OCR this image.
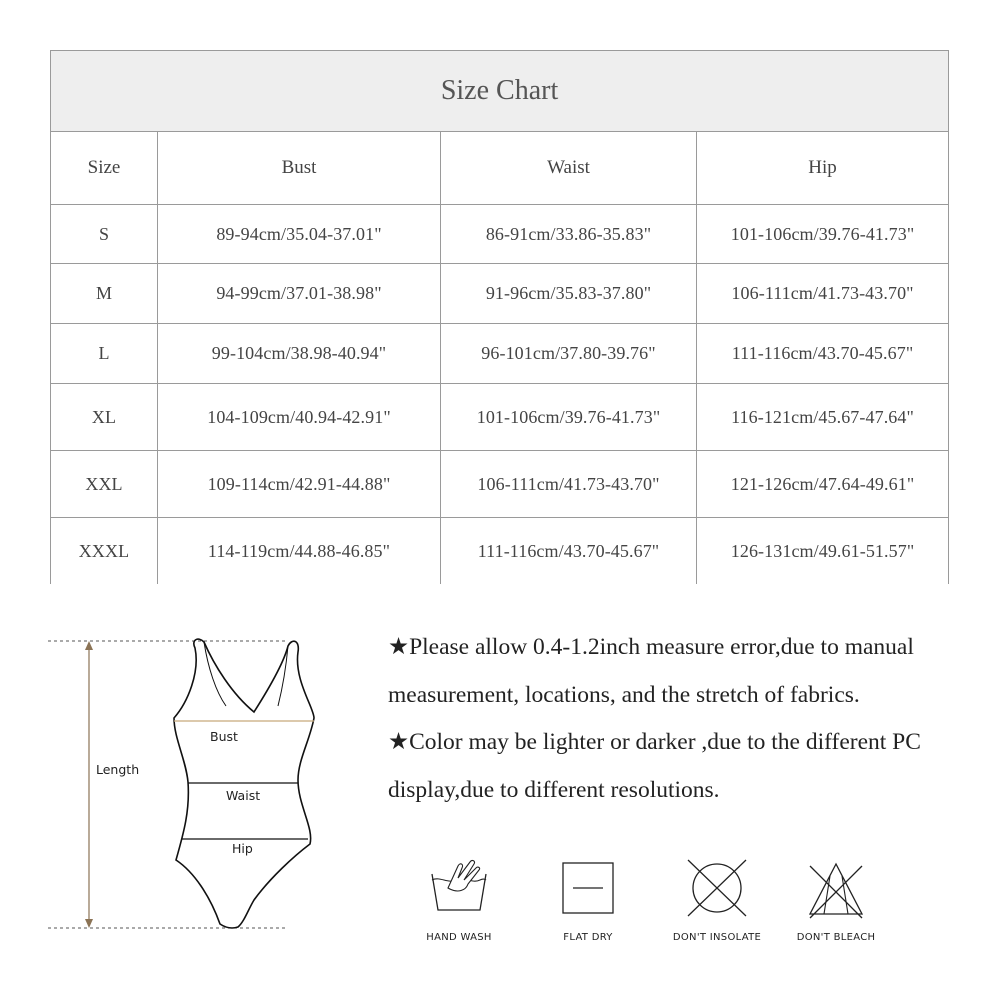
Size Chart			
Size	Bust	Waist	Hip
S	89-94cm/35.04-37.01"	86-91cm/33.86-35.83"	101-106cm/39.76-41.73"
M	94-99cm/37.01-38.98"	91-96cm/35.83-37.80"	106-111cm/41.73-43.70"
L	99-104cm/38.98-40.94"	96-101cm/37.80-39.76"	111-116cm/43.70-45.67"
XL	104-109cm/40.94-42.91"	101-106cm/39.76-41.73"	116-121cm/45.67-47.64"
XXL	109-114cm/42.91-44.88"	106-111cm/41.73-43.70"	121-126cm/47.64-49.61"
XXXL	114-119cm/44.88-46.85"	111-116cm/43.70-45.67"	126-131cm/49.61-51.57"
Length
Bust
Waist
Hip

★Please allow 0.4-1.2inch measure error,due to manual measurement, locations, and the stretch of fabrics.

★Color may be lighter or darker ,due to the different PC display,due to different resolutions.

HAND WASH	FLAT DRY	DON'T INSOLATE	DON'T BLEACH
